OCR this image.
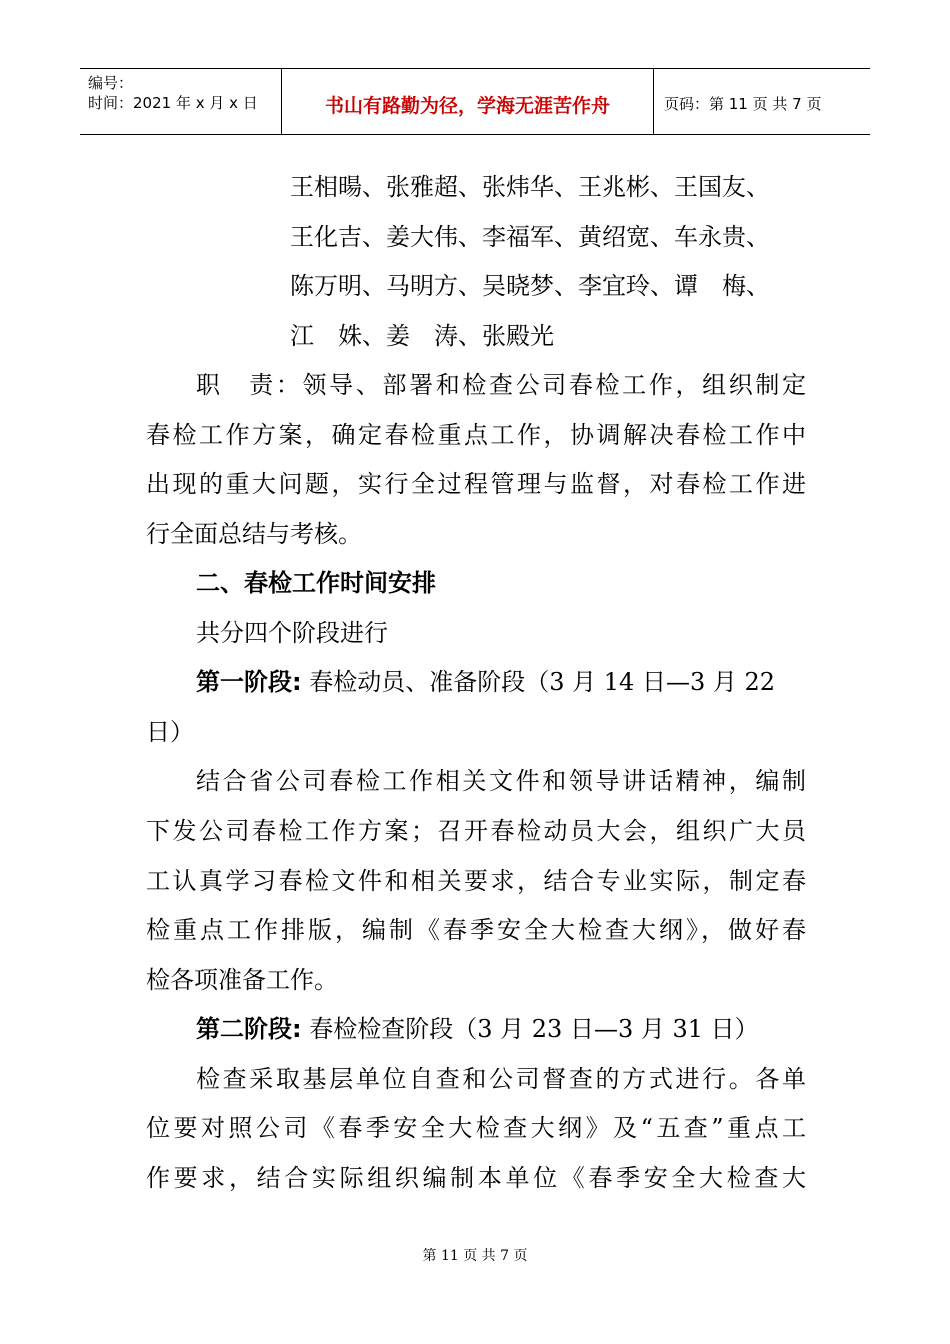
编号：
时间：2021 年 x 月 x 日	书山有路勤为径，学海无涯苦作舟	页码：第 11 页 共 7 页
王相暘、张雅超、张炜华、王兆彬、王国友、
王化吉、姜大伟、李福军、黄绍宽、车永贵、
陈万明、马明方、吴晓梦、李宜玲、谭　梅、
江　姝、姜　涛、张殿光
职　责：领导、部署和检查公司春检工作，组织制定
春检工作方案，确定春检重点工作，协调解决春检工作中
出现的重大问题，实行全过程管理与监督，对春检工作进
行全面总结与考核。
二、春检工作时间安排
共分四个阶段进行
第一阶段: 春检动员、准备阶段（3 月 14 日—3 月 22
日）
结合省公司春检工作相关文件和领导讲话精神，编制
下发公司春检工作方案；召开春检动员大会，组织广大员
工认真学习春检文件和相关要求，结合专业实际，制定春
检重点工作排版，编制《春季安全大检查大纲》，做好春
检各项准备工作。
第二阶段: 春检检查阶段（3 月 23 日—3 月 31 日）
检查采取基层单位自查和公司督查的方式进行。各单
位要对照公司《春季安全大检查大纲》及“五查”重点工
作要求，结合实际组织编制本单位《春季安全大检查大
第 11 页 共 7 页
